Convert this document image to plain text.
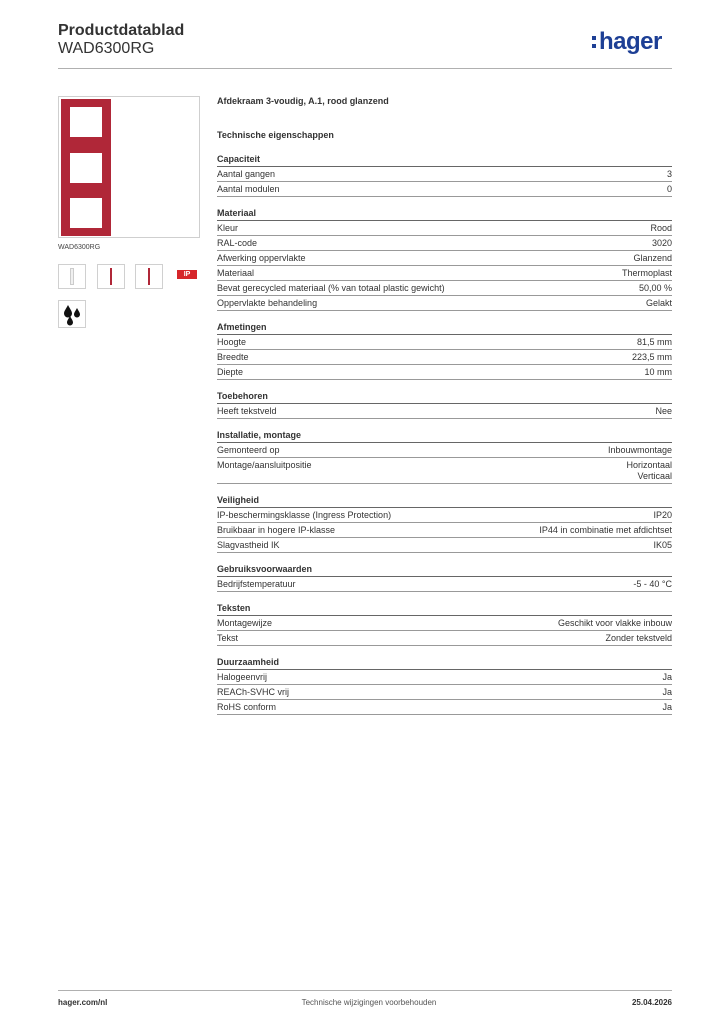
Productdatablad
WAD6300RG	hager
WAD6300RG
IP
Afdekraam 3-voudig, A.1, rood glanzend
Technische eigenschappen
Capaciteit
Aantal gangen	3
Aantal modulen	0
Materiaal
Kleur	Rood
RAL-code	3020
Afwerking oppervlakte	Glanzend
Materiaal	Thermoplast
Bevat gerecycled materiaal (% van totaal plastic gewicht)	50,00 %
Oppervlakte behandeling	Gelakt
Afmetingen
Hoogte	81,5 mm
Breedte	223,5 mm
Diepte	10 mm
Toebehoren
Heeft tekstveld	Nee
Installatie, montage
Gemonteerd op	Inbouwmontage
Montage/aansluitpositie	Horizontaal
Verticaal
Veiligheid
IP-beschermingsklasse (Ingress Protection)	IP20
Bruikbaar in hogere IP-klasse	IP44 in combinatie met afdichtset
Slagvastheid IK	IK05
Gebruiksvoorwaarden
Bedrijfstemperatuur	-5 - 40 °C
Teksten
Montagewijze	Geschikt voor vlakke inbouw
Tekst	Zonder tekstveld
Duurzaamheid
Halogeenvrij	Ja
REACh-SVHC vrij	Ja
RoHS conform	Ja
hager.com/nl	Technische wijzigingen voorbehouden	25.04.2026
